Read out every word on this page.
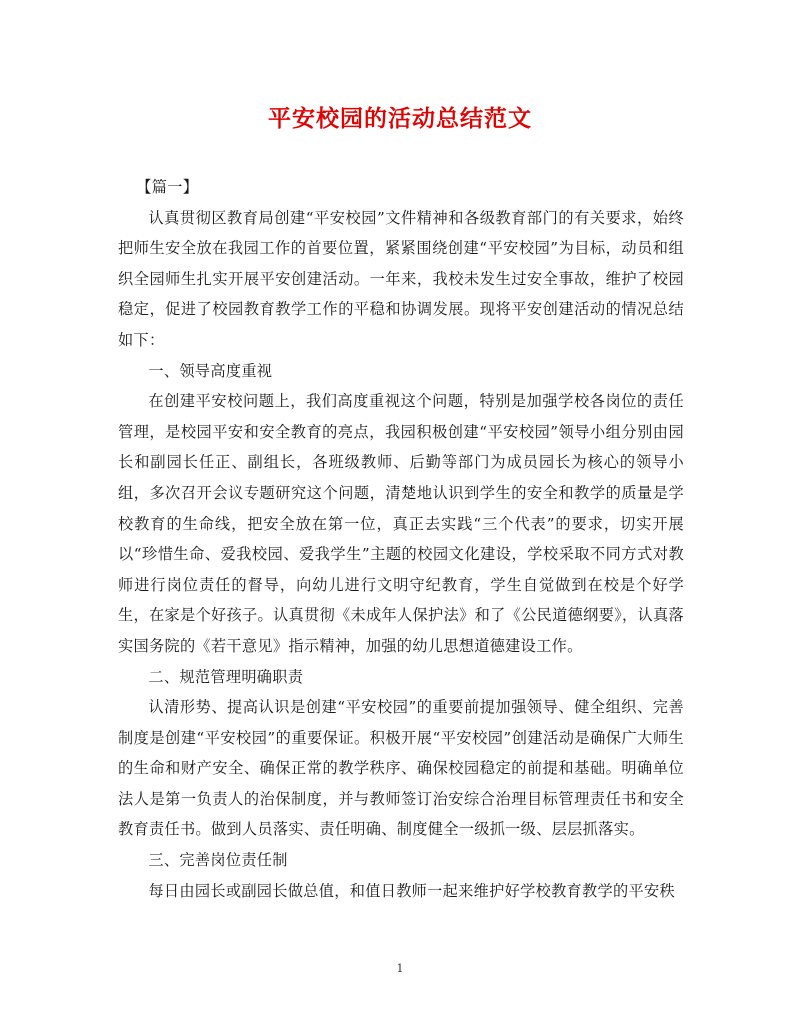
平安校园的活动总结范文

【篇一】

认真贯彻区教育局创建“平安校园”文件精神和各级教育部门的有关要求，始终把师生安全放在我园工作的首要位置，紧紧围绕创建“平安校园”为目标，动员和组织全园师生扎实开展平安创建活动。一年来，我校未发生过安全事故，维护了校园稳定，促进了校园教育教学工作的平稳和协调发展。现将平安创建活动的情况总结如下：

一、领导高度重视

在创建平安校问题上，我们高度重视这个问题，特别是加强学校各岗位的责任管理，是校园平安和安全教育的亮点，我园积极创建“平安校园”领导小组分别由园长和副园长任正、副组长，各班级教师、后勤等部门为成员园长为核心的领导小组，多次召开会议专题研究这个问题，清楚地认识到学生的安全和教学的质量是学校教育的生命线，把安全放在第一位，真正去实践“三个代表”的要求，切实开展以“珍惜生命、爱我校园、爱我学生”主题的校园文化建设，学校采取不同方式对教师进行岗位责任的督导，向幼儿进行文明守纪教育，学生自觉做到在校是个好学生，在家是个好孩子。认真贯彻《未成年人保护法》和了《公民道德纲要》，认真落实国务院的《若干意见》指示精神，加强的幼儿思想道德建设工作。

二、规范管理明确职责

认清形势、提高认识是创建“平安校园”的重要前提加强领导、健全组织、完善制度是创建“平安校园”的重要保证。积极开展“平安校园”创建活动是确保广大师生的生命和财产安全、确保正常的教学秩序、确保校园稳定的前提和基础。明确单位法人是第一负责人的治保制度，并与教师签订治安综合治理目标管理责任书和安全教育责任书。做到人员落实、责任明确、制度健全一级抓一级、层层抓落实。

三、完善岗位责任制

每日由园长或副园长做总值，和值日教师一起来维护好学校教育教学的平安秩

1
